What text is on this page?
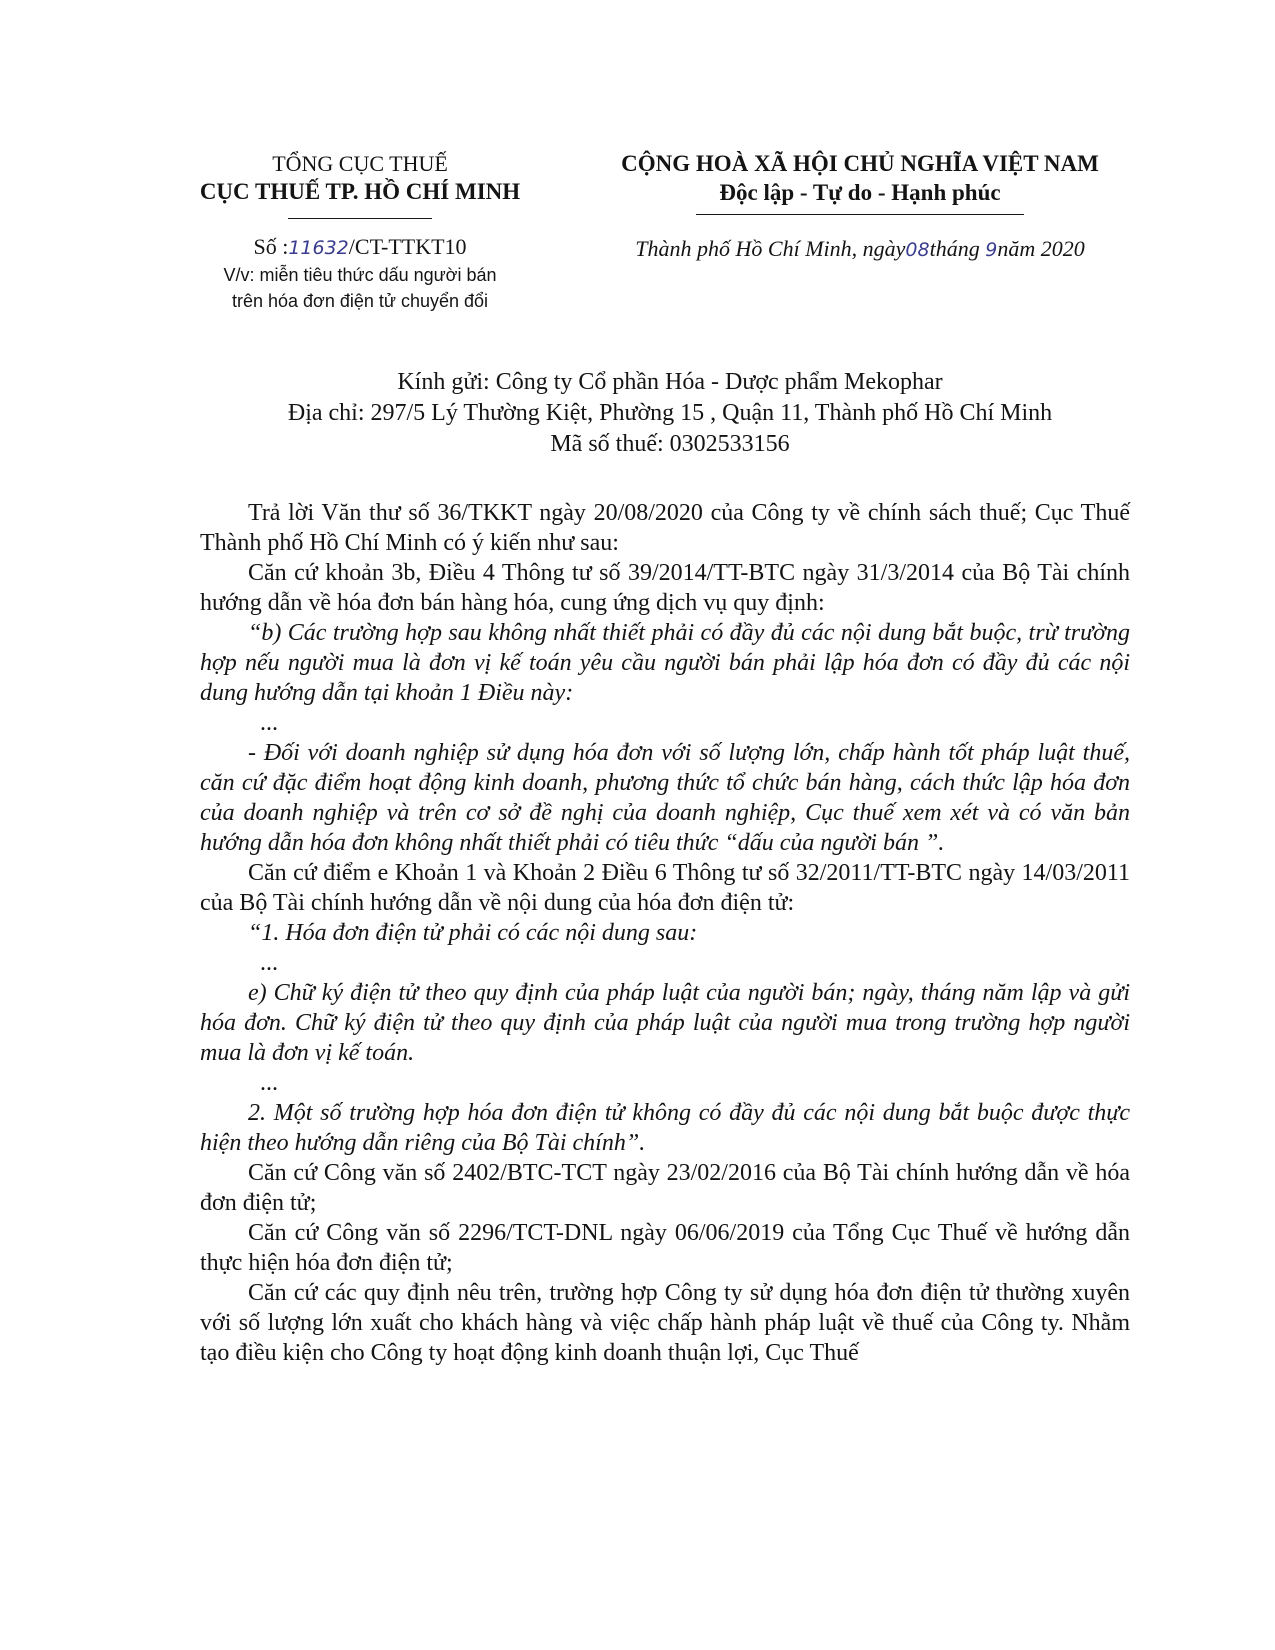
TỔNG CỤC THUẾ
CỤC THUẾ TP. HỒ CHÍ MINH
Số :11632/CT-TTKT10
V/v: miễn tiêu thức dấu người bán
trên hóa đơn điện tử chuyển đổi
CỘNG HOÀ XÃ HỘI CHỦ NGHĨA VIỆT NAM
Độc lập - Tự do - Hạnh phúc
Thành phố Hồ Chí Minh, ngày08tháng 9năm 2020
Kính gửi: Công ty Cổ phần Hóa - Dược phẩm Mekophar
Địa chỉ: 297/5 Lý Thường Kiệt, Phường 15 , Quận 11, Thành phố Hồ Chí Minh
Mã số thuế: 0302533156

Trả lời Văn thư số 36/TKKT ngày 20/08/2020 của Công ty về chính sách thuế; Cục Thuế Thành phố Hồ Chí Minh có ý kiến như sau:

Căn cứ khoản 3b, Điều 4 Thông tư số 39/2014/TT-BTC ngày 31/3/2014 của Bộ Tài chính hướng dẫn về hóa đơn bán hàng hóa, cung ứng dịch vụ quy định:

“b) Các trường hợp sau không nhất thiết phải có đầy đủ các nội dung bắt buộc, trừ trường hợp nếu người mua là đơn vị kế toán yêu cầu người bán phải lập hóa đơn có đầy đủ các nội dung hướng dẫn tại khoản 1 Điều này:

...

- Đối với doanh nghiệp sử dụng hóa đơn với số lượng lớn, chấp hành tốt pháp luật thuế, căn cứ đặc điểm hoạt động kinh doanh, phương thức tổ chức bán hàng, cách thức lập hóa đơn của doanh nghiệp và trên cơ sở đề nghị của doanh nghiệp, Cục thuế xem xét và có văn bản hướng dẫn hóa đơn không nhất thiết phải có tiêu thức “dấu của người bán ”.

Căn cứ điểm e Khoản 1 và Khoản 2 Điều 6 Thông tư số 32/2011/TT-BTC ngày 14/03/2011 của Bộ Tài chính hướng dẫn về nội dung của hóa đơn điện tử:

“1. Hóa đơn điện tử phải có các nội dung sau:

...

e) Chữ ký điện tử theo quy định của pháp luật của người bán; ngày, tháng năm lập và gửi hóa đơn. Chữ ký điện tử theo quy định của pháp luật của người mua trong trường hợp người mua là đơn vị kế toán.

...

2. Một số trường hợp hóa đơn điện tử không có đầy đủ các nội dung bắt buộc được thực hiện theo hướng dẫn riêng của Bộ Tài chính”.

Căn cứ Công văn số 2402/BTC-TCT ngày 23/02/2016 của Bộ Tài chính hướng dẫn về hóa đơn điện tử;

Căn cứ Công văn số 2296/TCT-DNL ngày 06/06/2019 của Tổng Cục Thuế về hướng dẫn thực hiện hóa đơn điện tử;

Căn cứ các quy định nêu trên, trường hợp Công ty sử dụng hóa đơn điện tử thường xuyên với số lượng lớn xuất cho khách hàng và việc chấp hành pháp luật về thuế của Công ty. Nhằm tạo điều kiện cho Công ty hoạt động kinh doanh thuận lợi, Cục Thuế
